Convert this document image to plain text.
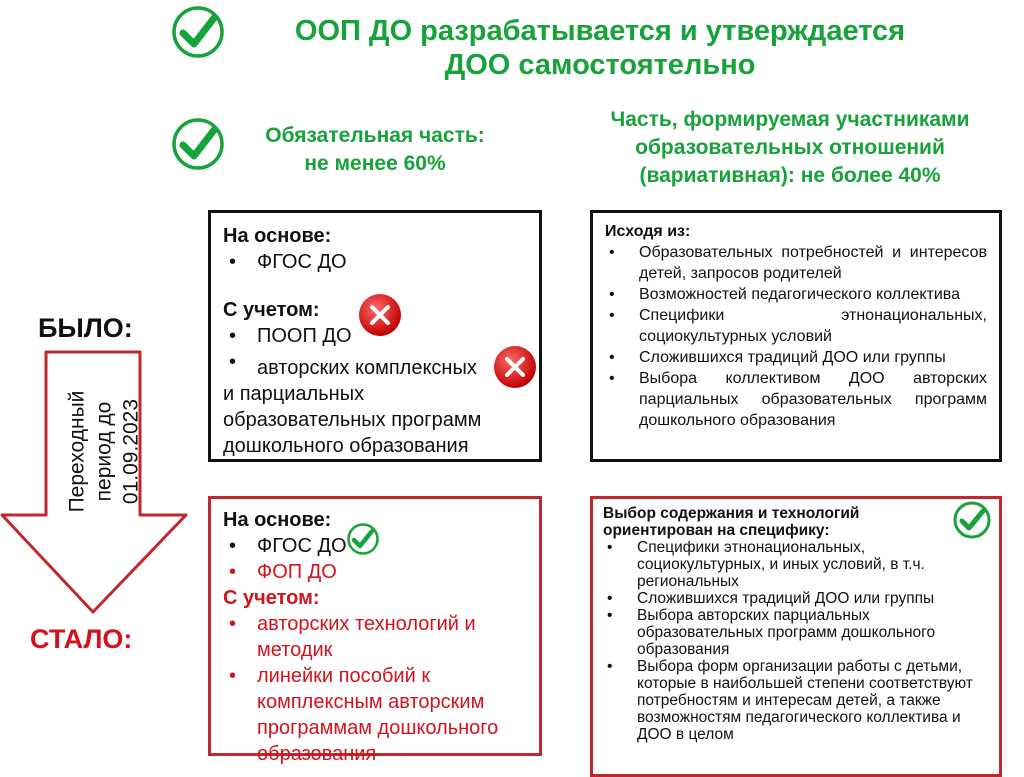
ООП ДО разрабатывается и утверждается
ДОО самостоятельно
Обязательная часть:
не менее 60%
Часть, формируемая участниками
образовательных отношений
(вариативная): не более 40%
БЫЛО:
СТАЛО:
Переходный период до 01.09.2023
На основе:
• ФГОС ДО
С учетом:
• ПООП ДО
• авторских комплексных
и парциальных
образовательных программ
дошкольного образования
Исходя из:
• Образовательных потребностей и интересов детей, запросов родителей
• Возможностей педагогического коллектива
• Специфики этнонациональных, социокультурных условий
• Сложившихся традиций ДОО или группы
• Выбора коллективом ДОО авторских парциальных образовательных программ дошкольного образования
На основе:
• ФГОС ДО
• ФОП ДО
С учетом:
• авторских технологий и методик
• линейки пособий к комплексным авторским программам дошкольного образования
Выбор содержания и технологий ориентирован на специфику:
• Специфики этнонациональных, социокультурных, и иных условий, в т.ч. региональных
• Сложившихся традиций ДОО или группы
• Выбора авторских парциальных образовательных программ дошкольного образования
• Выбора форм организации работы с детьми, которые в наибольшей степени соответствуют потребностям и интересам детей, а также возможностям педагогического коллектива и ДОО в целом
